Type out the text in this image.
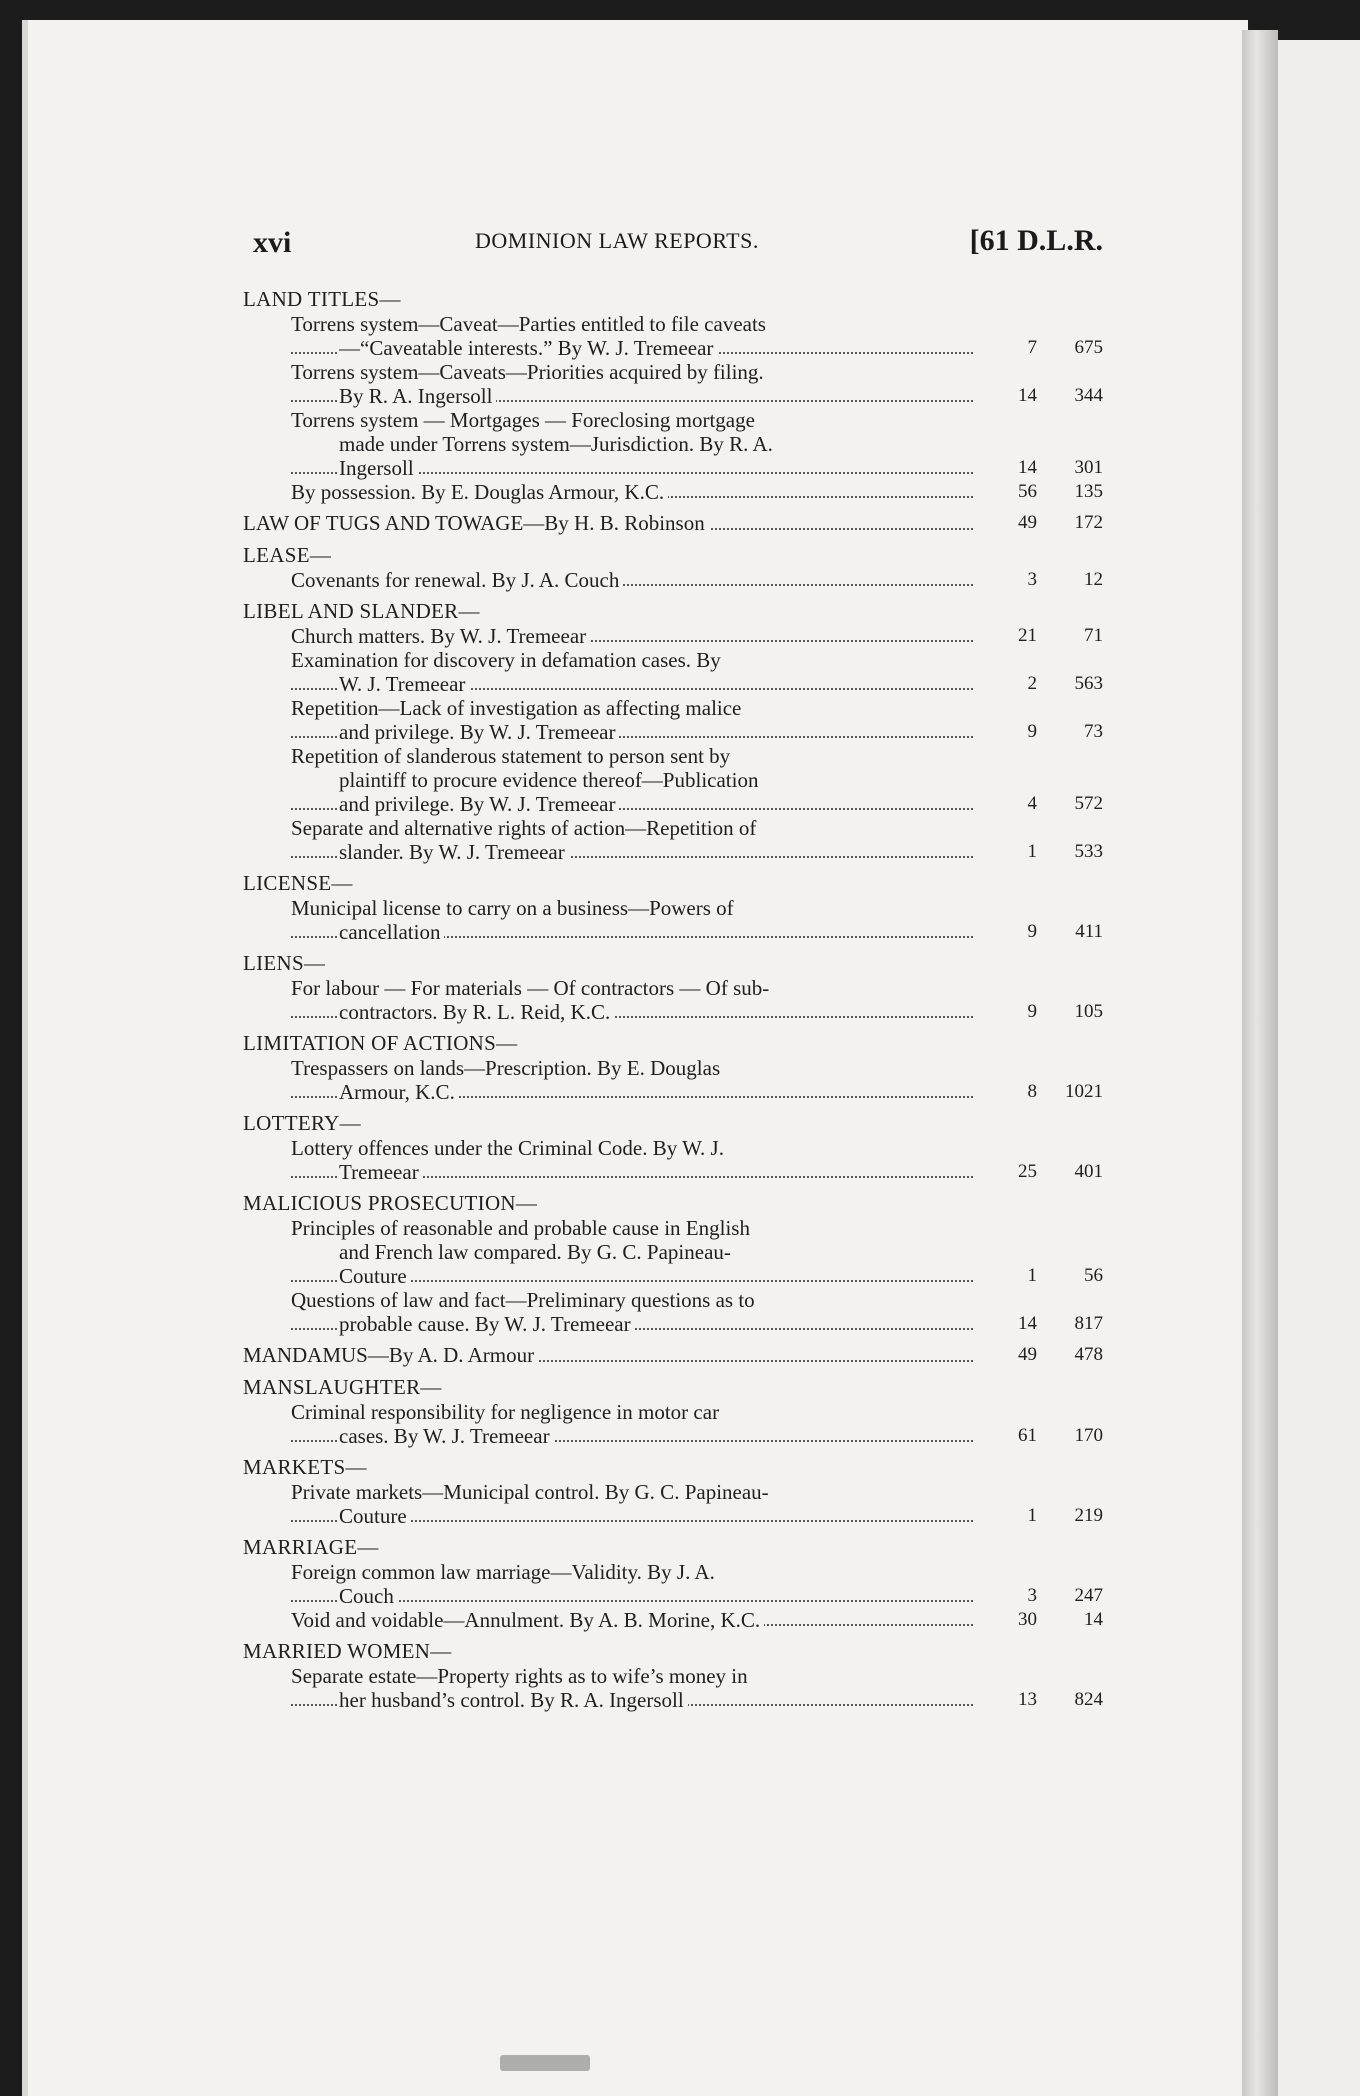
xvi	DOMINION LAW REPORTS.	[61 D.L.R.
LAND TITLES—
Torrens system—Caveat—Parties entitled to file caveats
—“Caveatable interests.” By W. J. Tremeear	7	675
Torrens system—Caveats—Priorities acquired by filing.
By R. A. Ingersoll	14	344
Torrens system — Mortgages — Foreclosing mortgage
made under Torrens system—Jurisdiction. By R. A.
Ingersoll	14	301
By possession. By E. Douglas Armour, K.C.	56	135
LAW OF TUGS AND TOWAGE—By H. B. Robinson	49	172
LEASE—
Covenants for renewal. By J. A. Couch	3	12
LIBEL AND SLANDER—
Church matters. By W. J. Tremeear	21	71
Examination for discovery in defamation cases. By
W. J. Tremeear	2	563
Repetition—Lack of investigation as affecting malice
and privilege. By W. J. Tremeear	9	73
Repetition of slanderous statement to person sent by
plaintiff to procure evidence thereof—Publication
and privilege. By W. J. Tremeear	4	572
Separate and alternative rights of action—Repetition of
slander. By W. J. Tremeear	1	533
LICENSE—
Municipal license to carry on a business—Powers of
cancellation	9	411
LIENS—
For labour — For materials — Of contractors — Of sub-
contractors. By R. L. Reid, K.C.	9	105
LIMITATION OF ACTIONS—
Trespassers on lands—Prescription. By E. Douglas
Armour, K.C.	8	1021
LOTTERY—
Lottery offences under the Criminal Code. By W. J.
Tremeear	25	401
MALICIOUS PROSECUTION—
Principles of reasonable and probable cause in English
and French law compared. By G. C. Papineau-
Couture	1	56
Questions of law and fact—Preliminary questions as to
probable cause. By W. J. Tremeear	14	817
MANDAMUS—By A. D. Armour	49	478
MANSLAUGHTER—
Criminal responsibility for negligence in motor car
cases. By W. J. Tremeear	61	170
MARKETS—
Private markets—Municipal control. By G. C. Papineau-
Couture	1	219
MARRIAGE—
Foreign common law marriage—Validity. By J. A.
Couch	3	247
Void and voidable—Annulment. By A. B. Morine, K.C.	30	14
MARRIED WOMEN—
Separate estate—Property rights as to wife’s money in
her husband’s control. By R. A. Ingersoll	13	824
